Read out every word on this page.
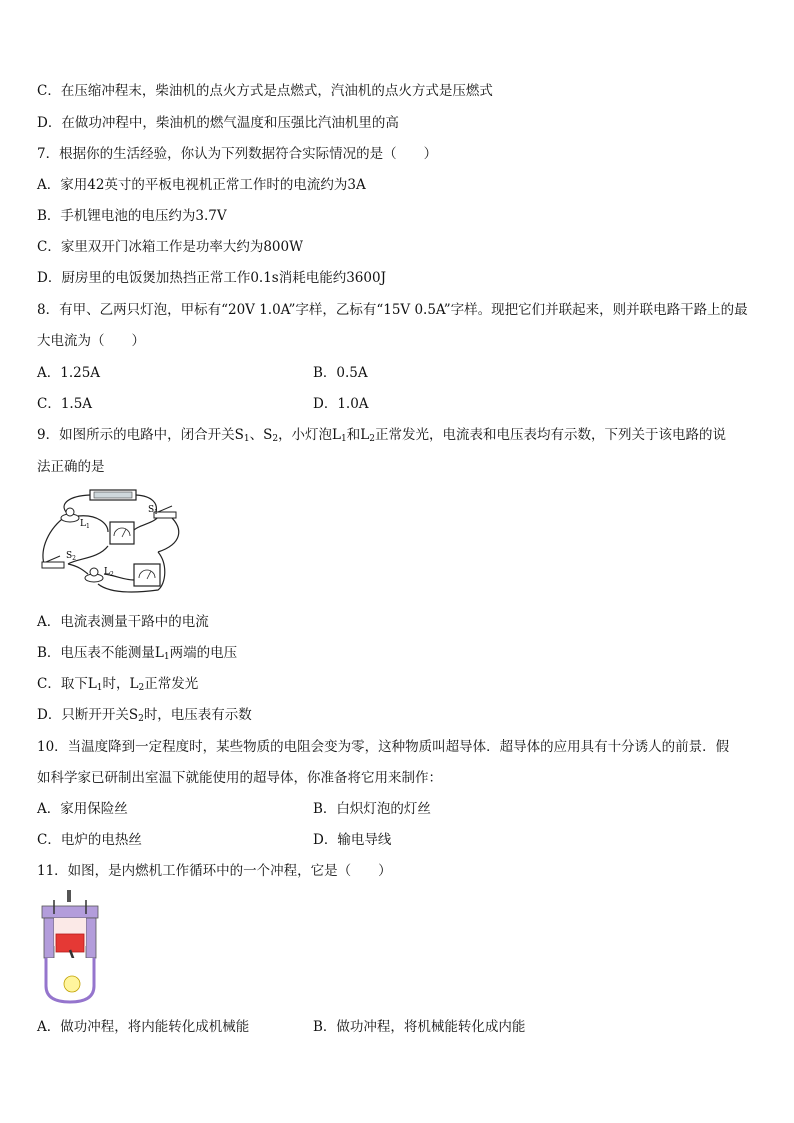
C．在压缩冲程末，柴油机的点火方式是点燃式，汽油机的点火方式是压燃式
D．在做功冲程中，柴油机的燃气温度和压强比汽油机里的高
7．根据你的生活经验，你认为下列数据符合实际情况的是（　　）
A．家用42英寸的平板电视机正常工作时的电流约为3A
B．手机锂电池的电压约为3.7V
C．家里双开门冰箱工作是功率大约为800W
D．厨房里的电饭煲加热挡正常工作0.1s消耗电能约3600J
8．有甲、乙两只灯泡，甲标有“20V 1.0A”字样，乙标有“15V 0.5A”字样。现把它们并联起来，则并联电路干路上的最
大电流为（　　）
A．1.25A	B．0.5A
C．1.5A	D．1.0A
9．如图所示的电路中，闭合开关$S_1$、$S_2$，小灯泡$L_1$和$L_2$正常发光，电流表和电压表均有示数，下列关于该电路的说
法正确的是
$L_1$
$S_1$
$S_2$
$L_2$
A．电流表测量干路中的电流
B．电压表不能测量$L_1$两端的电压
C．取下$L_1$时，$L_2$正常发光
D．只断开开关$S_2$时，电压表有示数
10．当温度降到一定程度时，某些物质的电阻会变为零，这种物质叫超导体．超导体的应用具有十分诱人的前景．假
如科学家已研制出室温下就能使用的超导体，你准备将它用来制作：
A．家用保险丝	B．白炽灯泡的灯丝
C．电炉的电热丝	D．输电导线
11．如图，是内燃机工作循环中的一个冲程，它是（　　）
A．做功冲程，将内能转化成机械能	B．做功冲程，将机械能转化成内能
